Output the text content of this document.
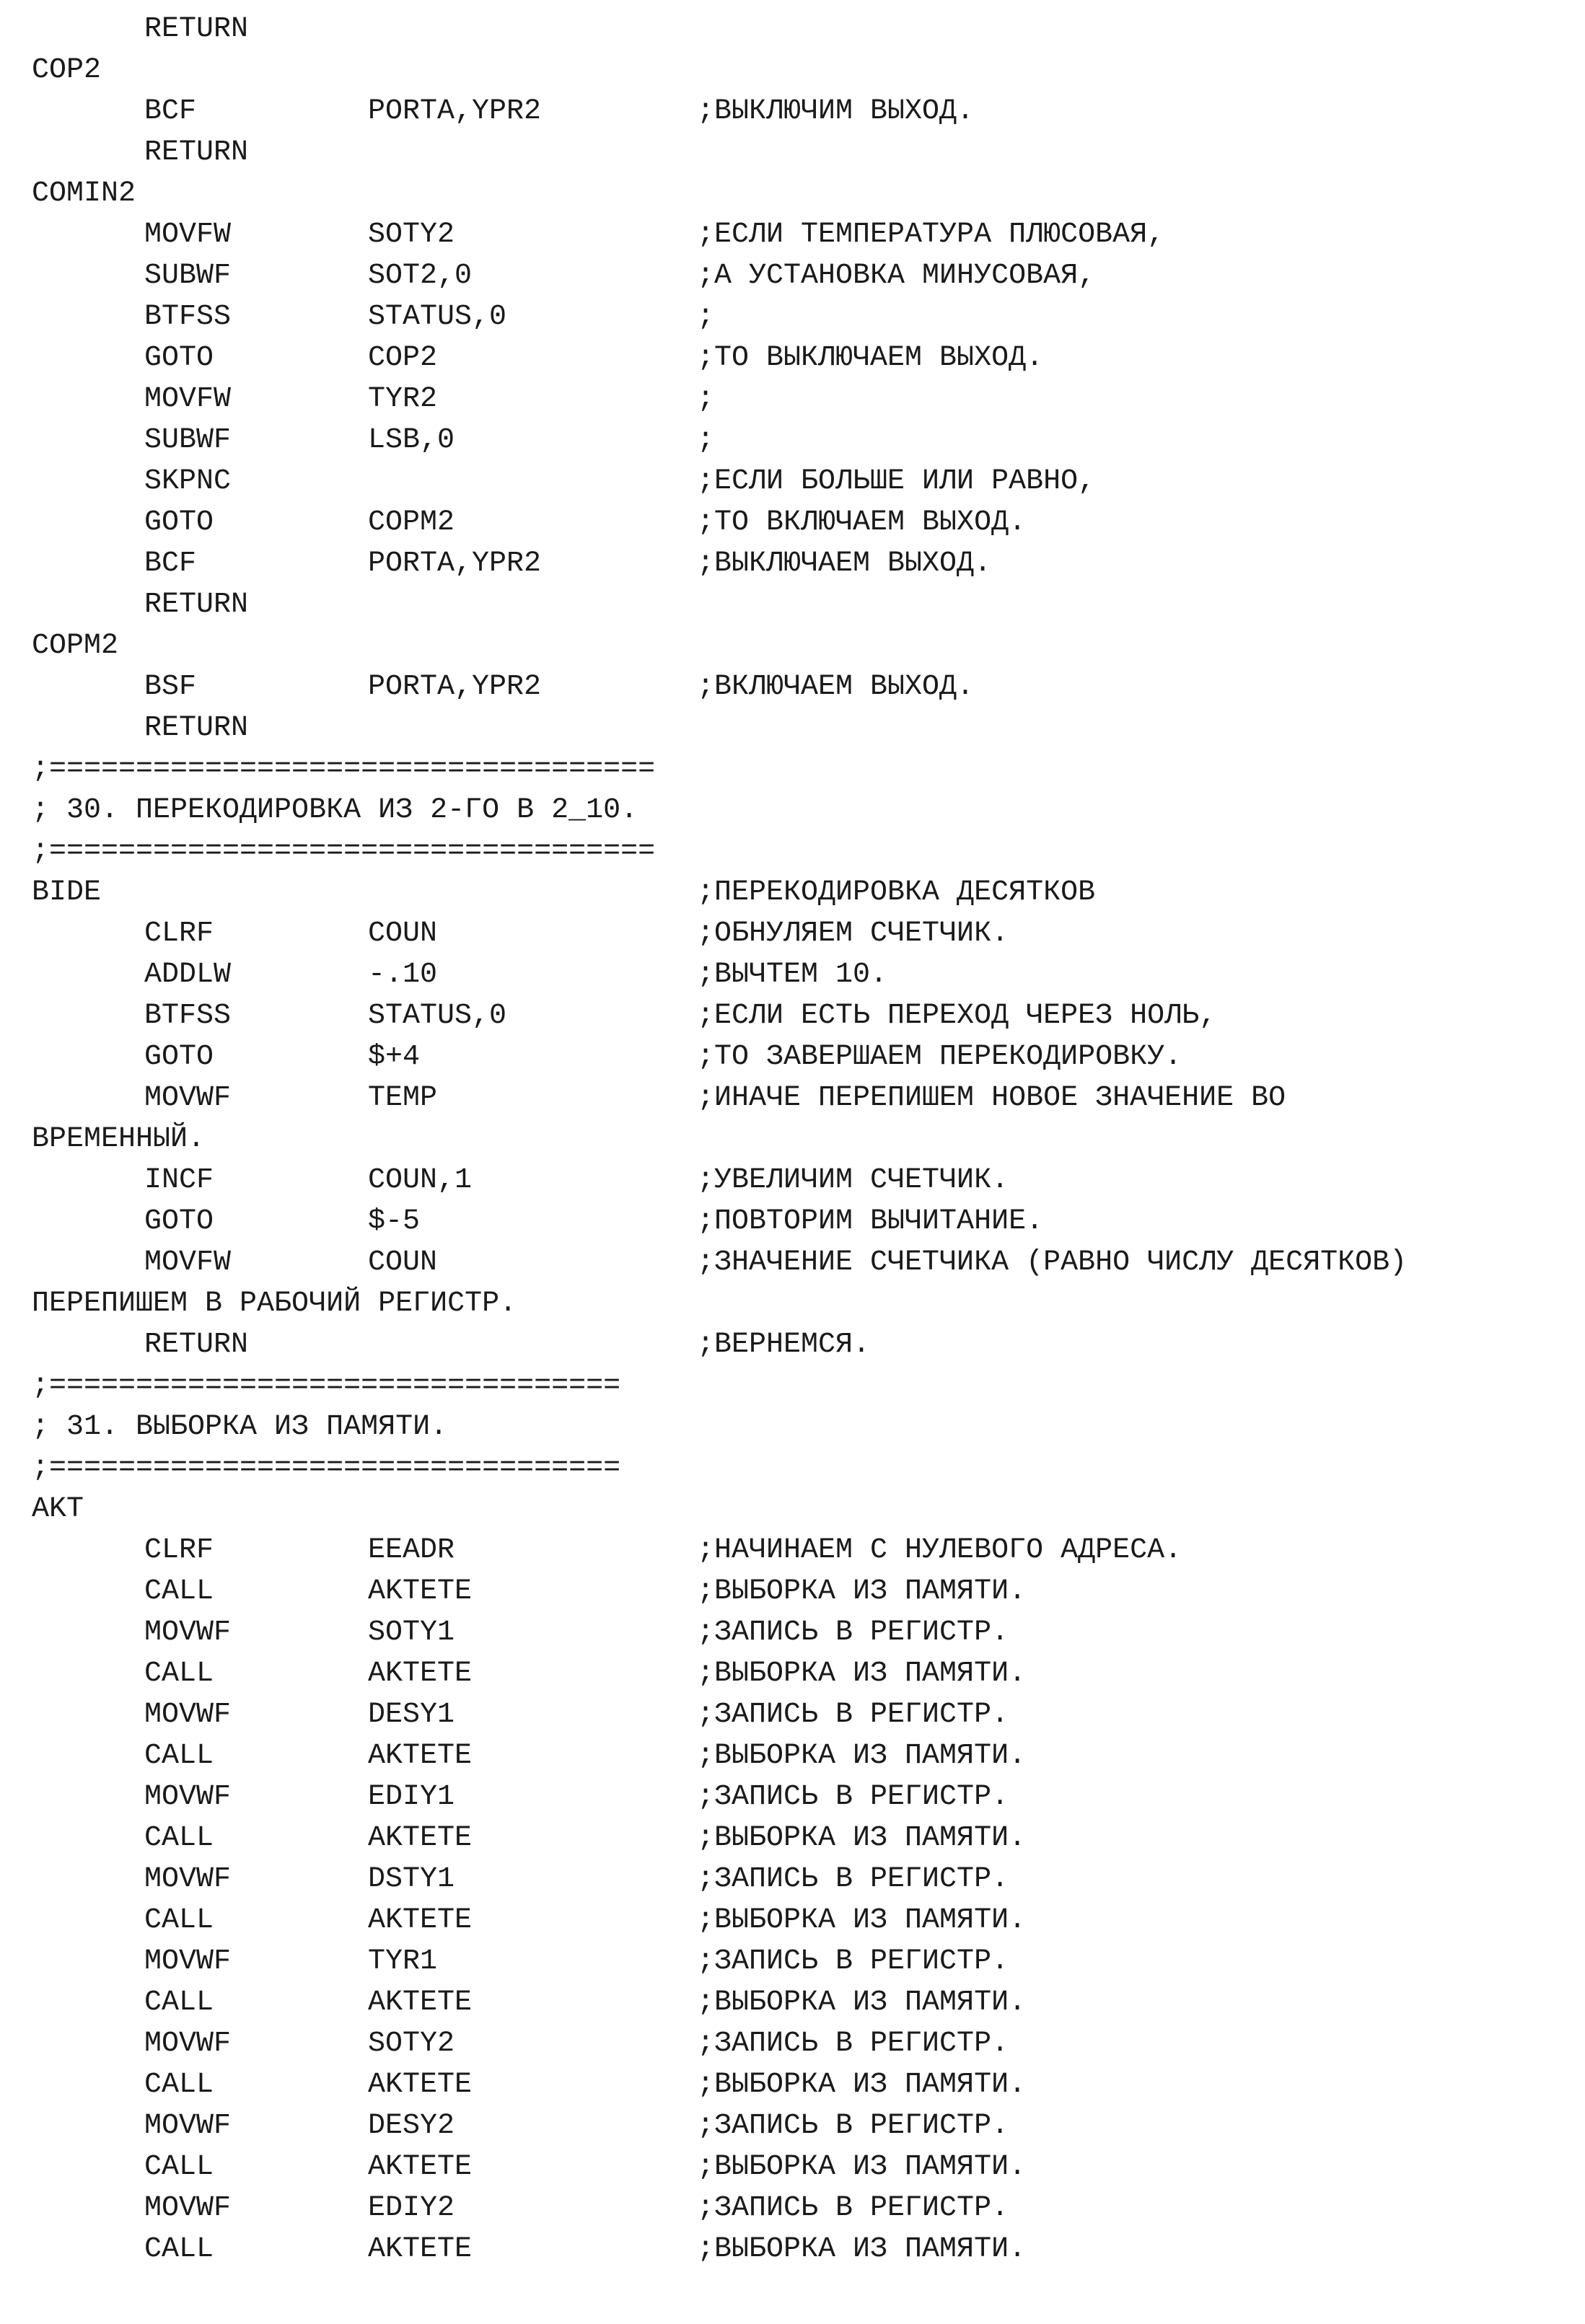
RETURN
COP2
BCF	PORTA,YPR2	;ВЫКЛЮЧИМ ВЫХОД.
RETURN
COMIN2
MOVFW	SOTY2	;ЕСЛИ ТЕМПЕРАТУРА ПЛЮСОВАЯ,
SUBWF	SOT2,0	;А УСТАНОВКА МИНУСОВАЯ,
BTFSS	STATUS,0	;
GOTO	COP2	;ТО ВЫКЛЮЧАЕМ ВЫХОД.
MOVFW	TYR2	;
SUBWF	LSB,0	;
SKPNC	;ЕСЛИ БОЛЬШЕ ИЛИ РАВНО,
GOTO	COPM2	;ТО ВКЛЮЧАЕМ ВЫХОД.
BCF	PORTA,YPR2	;ВЫКЛЮЧАЕМ ВЫХОД.
RETURN
COPM2
BSF	PORTA,YPR2	;ВКЛЮЧАЕМ ВЫХОД.
RETURN
;===================================
; 30. ПЕРЕКОДИРОВКА ИЗ 2-ГО В 2_10.
;===================================
BIDE	;ПЕРЕКОДИРОВКА ДЕСЯТКОВ
CLRF	COUN	;ОБНУЛЯЕМ СЧЕТЧИК.
ADDLW	-.10	;ВЫЧТЕМ 10.
BTFSS	STATUS,0	;ЕСЛИ ЕСТЬ ПЕРЕХОД ЧЕРЕЗ НОЛЬ,
GOTO	$+4	;ТО ЗАВЕРШАЕМ ПЕРЕКОДИРОВКУ.
MOVWF	TEMP	;ИНАЧЕ ПЕРЕПИШЕМ НОВОЕ ЗНАЧЕНИЕ ВО
ВРЕМЕННЫЙ.
INCF	COUN,1	;УВЕЛИЧИМ СЧЕТЧИК.
GOTO	$-5	;ПОВТОРИМ ВЫЧИТАНИЕ.
MOVFW	COUN	;ЗНАЧЕНИЕ СЧЕТЧИКА (РАВНО ЧИСЛУ ДЕСЯТКОВ)
ПЕРЕПИШЕМ В РАБОЧИЙ РЕГИСТР.
RETURN	;ВЕРНЕМСЯ.
;=================================
; 31. ВЫБОРКА ИЗ ПАМЯТИ.
;=================================
AKT
CLRF	EEADR	;НАЧИНАЕМ С НУЛЕВОГО АДРЕСА.
CALL	AKTETE	;ВЫБОРКА ИЗ ПАМЯТИ.
MOVWF	SOTY1	;ЗАПИСЬ В РЕГИСТР.
CALL	AKTETE	;ВЫБОРКА ИЗ ПАМЯТИ.
MOVWF	DESY1	;ЗАПИСЬ В РЕГИСТР.
CALL	AKTETE	;ВЫБОРКА ИЗ ПАМЯТИ.
MOVWF	EDIY1	;ЗАПИСЬ В РЕГИСТР.
CALL	AKTETE	;ВЫБОРКА ИЗ ПАМЯТИ.
MOVWF	DSTY1	;ЗАПИСЬ В РЕГИСТР.
CALL	AKTETE	;ВЫБОРКА ИЗ ПАМЯТИ.
MOVWF	TYR1	;ЗАПИСЬ В РЕГИСТР.
CALL	AKTETE	;ВЫБОРКА ИЗ ПАМЯТИ.
MOVWF	SOTY2	;ЗАПИСЬ В РЕГИСТР.
CALL	AKTETE	;ВЫБОРКА ИЗ ПАМЯТИ.
MOVWF	DESY2	;ЗАПИСЬ В РЕГИСТР.
CALL	AKTETE	;ВЫБОРКА ИЗ ПАМЯТИ.
MOVWF	EDIY2	;ЗАПИСЬ В РЕГИСТР.
CALL	AKTETE	;ВЫБОРКА ИЗ ПАМЯТИ.
